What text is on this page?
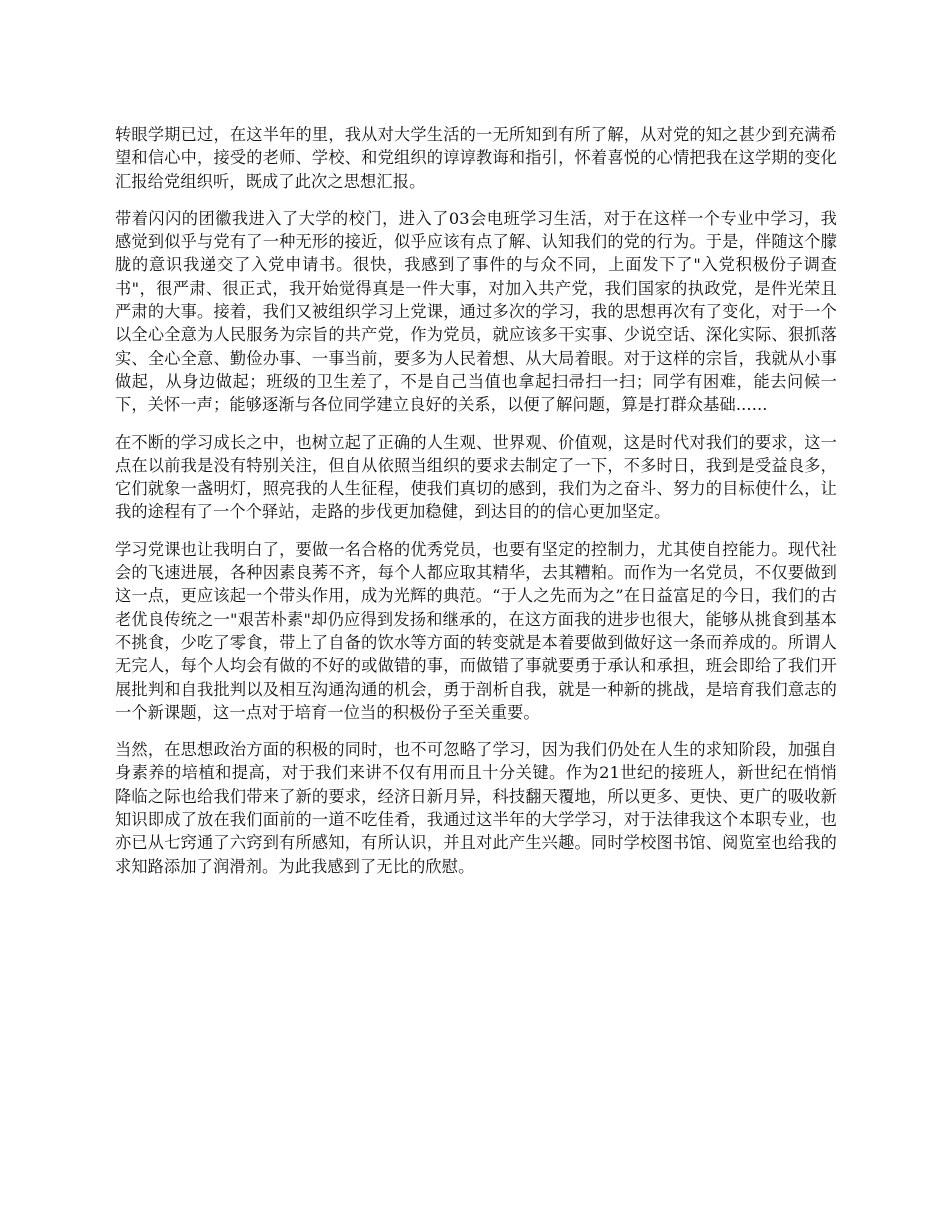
转眼学期已过，在这半年的里，我从对大学生活的一无所知到有所了解，从对党的知之甚少到充满希望和信心中，接受的老师、学校、和党组织的谆谆教诲和指引，怀着喜悦的心情把我在这学期的变化汇报给党组织听，既成了此次之思想汇报。

带着闪闪的团徽我进入了大学的校门，进入了03会电班学习生活，对于在这样一个专业中学习，我感觉到似乎与党有了一种无形的接近，似乎应该有点了解、认知我们的党的行为。于是，伴随这个朦胧的意识我递交了入党申请书。很快，我感到了事件的与众不同，上面发下了"入党积极份子调查书"，很严肃、很正式，我开始觉得真是一件大事，对加入共产党，我们国家的执政党，是件光荣且严肃的大事。接着，我们又被组织学习上党课，通过多次的学习，我的思想再次有了变化，对于一个以全心全意为人民服务为宗旨的共产党，作为党员，就应该多干实事、少说空话、深化实际、狠抓落实、全心全意、勤俭办事、一事当前，要多为人民着想、从大局着眼。对于这样的宗旨，我就从小事做起，从身边做起；班级的卫生差了，不是自己当值也拿起扫帚扫一扫；同学有困难，能去问候一下，关怀一声；能够逐渐与各位同学建立良好的关系，以便了解问题，算是打群众基础......

在不断的学习成长之中，也树立起了正确的人生观、世界观、价值观，这是时代对我们的要求，这一点在以前我是没有特别关注，但自从依照当组织的要求去制定了一下，不多时日，我到是受益良多，它们就象一盏明灯，照亮我的人生征程，使我们真切的感到，我们为之奋斗、努力的目标使什么，让我的途程有了一个个驿站，走路的步伐更加稳健，到达目的的信心更加坚定。

学习党课也让我明白了，要做一名合格的优秀党员，也要有坚定的控制力，尤其使自控能力。现代社会的飞速进展，各种因素良莠不齐，每个人都应取其精华，去其糟粕。而作为一名党员，不仅要做到这一点，更应该起一个带头作用，成为光辉的典范。“于人之先而为之”在日益富足的今日，我们的古老优良传统之一"艰苦朴素"却仍应得到发扬和继承的，在这方面我的进步也很大，能够从挑食到基本不挑食，少吃了零食，带上了自备的饮水等方面的转变就是本着要做到做好这一条而养成的。所谓人无完人，每个人均会有做的不好的或做错的事，而做错了事就要勇于承认和承担，班会即给了我们开展批判和自我批判以及相互沟通沟通的机会，勇于剖析自我，就是一种新的挑战，是培育我们意志的一个新课题，这一点对于培育一位当的积极份子至关重要。

当然，在思想政治方面的积极的同时，也不可忽略了学习，因为我们仍处在人生的求知阶段，加强自身素养的培植和提高，对于我们来讲不仅有用而且十分关键。作为21世纪的接班人，新世纪在悄悄降临之际也给我们带来了新的要求，经济日新月异，科技翻天覆地，所以更多、更快、更广的吸收新知识即成了放在我们面前的一道不吃佳肴，我通过这半年的大学学习，对于法律我这个本职专业，也亦已从七窍通了六窍到有所感知，有所认识，并且对此产生兴趣。同时学校图书馆、阅览室也给我的求知路添加了润滑剂。为此我感到了无比的欣慰。
